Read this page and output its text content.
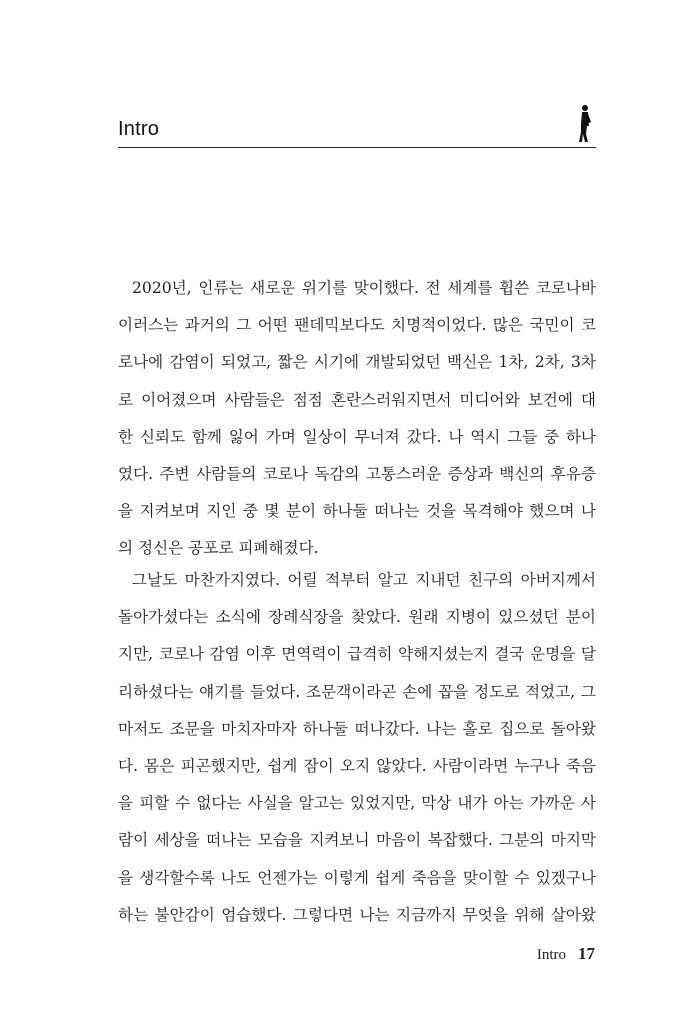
Intro
2020년, 인류는 새로운 위기를 맞이했다. 전 세계를 휩쓴 코로나바
이러스는 과거의 그 어떤 팬데믹보다도 치명적이었다. 많은 국민이 코
로나에 감염이 되었고, 짧은 시기에 개발되었던 백신은 1차, 2차, 3차
로 이어졌으며 사람들은 점점 혼란스러워지면서 미디어와 보건에 대
한 신뢰도 함께 잃어 가며 일상이 무너져 갔다. 나 역시 그들 중 하나
였다. 주변 사람들의 코로나 독감의 고통스러운 증상과 백신의 후유증
을 지켜보며 지인 중 몇 분이 하나둘 떠나는 것을 목격해야 했으며 나
의 정신은 공포로 피폐해졌다.
그날도 마찬가지였다. 어릴 적부터 알고 지내던 친구의 아버지께서
돌아가셨다는 소식에 장례식장을 찾았다. 원래 지병이 있으셨던 분이
지만, 코로나 감염 이후 면역력이 급격히 약해지셨는지 결국 운명을 달
리하셨다는 얘기를 들었다. 조문객이라곤 손에 꼽을 정도로 적었고, 그
마저도 조문을 마치자마자 하나둘 떠나갔다. 나는 홀로 집으로 돌아왔
다. 몸은 피곤했지만, 쉽게 잠이 오지 않았다. 사람이라면 누구나 죽음
을 피할 수 없다는 사실을 알고는 있었지만, 막상 내가 아는 가까운 사
람이 세상을 떠나는 모습을 지켜보니 마음이 복잡했다. 그분의 마지막
을 생각할수록 나도 언젠가는 이렇게 쉽게 죽음을 맞이할 수 있겠구나
하는 불안감이 엄습했다. 그렇다면 나는 지금까지 무엇을 위해 살아왔
Intro 17
